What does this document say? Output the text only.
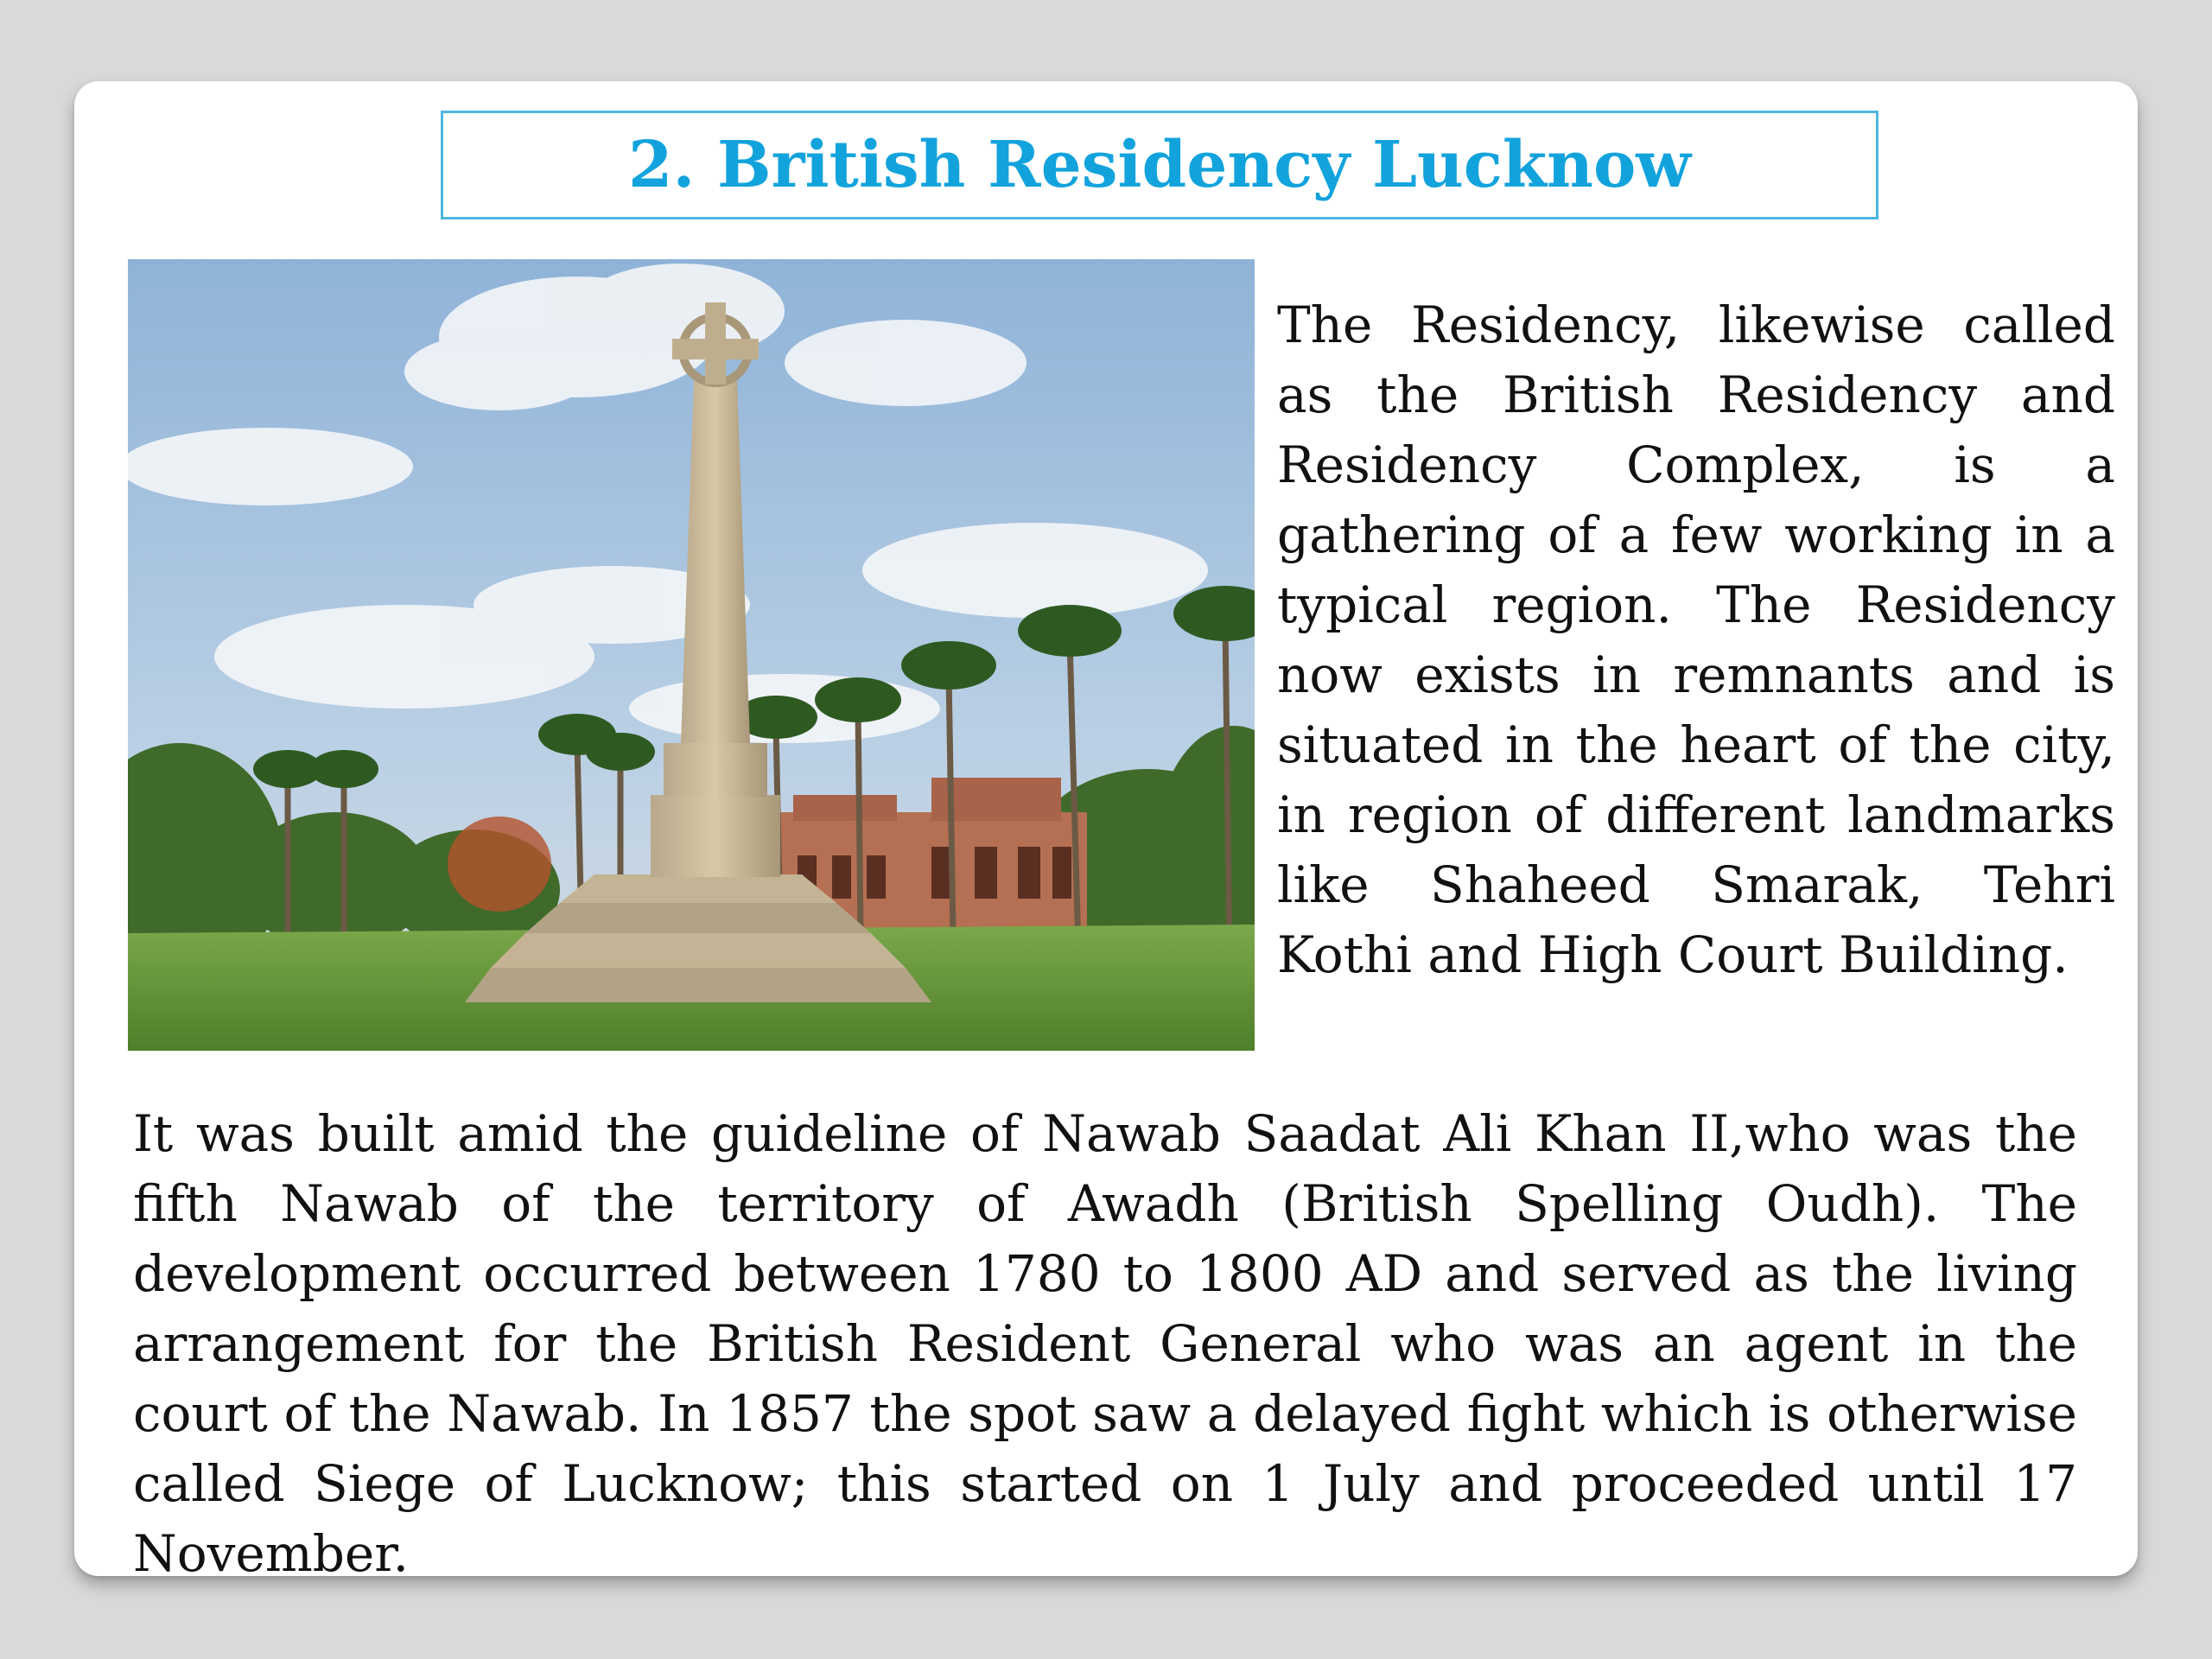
2. British Residency Lucknow
The Residency, likewise called as the British Residency and Residency Complex, is a gathering of a few working in a typical region. The Residency now exists in remnants and is situated in the heart of the city, in region of different landmarks like Shaheed Smarak, Tehri Kothi and High Court Building.
It was built amid the guideline of Nawab Saadat Ali Khan II,who was the fifth Nawab of the territory of Awadh (British Spelling Oudh). The development occurred between 1780 to 1800 AD and served as the living arrangement for the British Resident General who was an agent in the court of the Nawab. In 1857 the spot saw a delayed fight which is otherwise called Siege of Lucknow; this started on 1 July and proceeded until 17 November.
